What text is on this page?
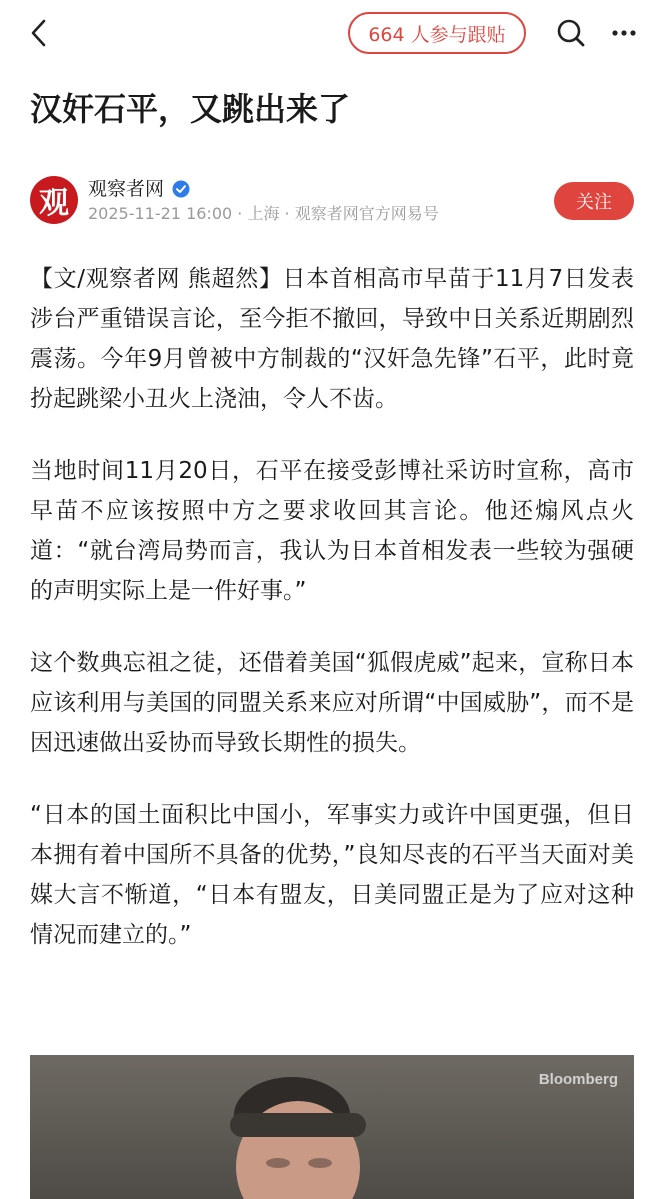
664 人参与跟贴
汉奸石平，又跳出来了
观 观察者网
2025-11-21 16:00 · 上海 · 观察者网官方网易号
关注

【文/观察者网 熊超然】日本首相高市早苗于11月7日发表涉台严重错误言论，至今拒不撤回，导致中日关系近期剧烈震荡。今年9月曾被中方制裁的“汉奸急先锋”石平，此时竟扮起跳梁小丑火上浇油，令人不齿。

当地时间11月20日，石平在接受彭博社采访时宣称，高市早苗不应该按照中方之要求收回其言论。他还煽风点火道：“就台湾局势而言，我认为日本首相发表一些较为强硬的声明实际上是一件好事。”

这个数典忘祖之徒，还借着美国“狐假虎威”起来，宣称日本应该利用与美国的同盟关系来应对所谓“中国威胁”，而不是因迅速做出妥协而导致长期性的损失。

“日本的国土面积比中国小，军事实力或许中国更强，但日本拥有着中国所不具备的优势，”良知尽丧的石平当天面对美媒大言不惭道，“日本有盟友，日美同盟正是为了应对这种情况而建立的。”

Bloomberg
